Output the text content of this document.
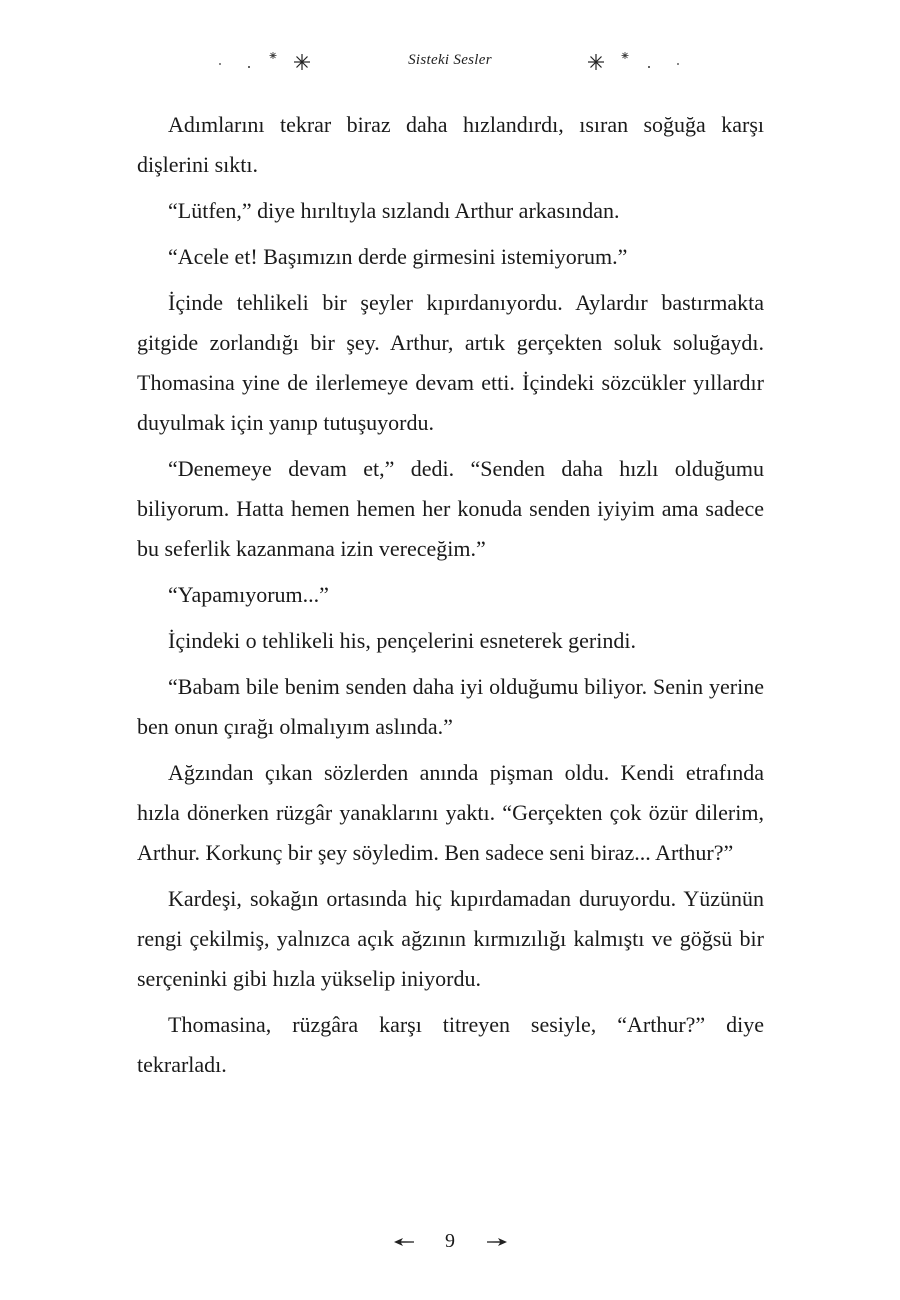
Sisteki Sesler

Adımlarını tekrar biraz daha hızlandırdı, ısıran soğuğa karşı dişlerini sıktı.

“Lütfen,” diye hırıltıyla sızlandı Arthur arkasından.

“Acele et! Başımızın derde girmesini istemiyorum.”

İçinde tehlikeli bir şeyler kıpırdanıyordu. Aylardır bastırmakta gitgide zorlandığı bir şey. Arthur, artık gerçekten soluk soluğaydı. Thomasina yine de ilerlemeye devam etti. İçindeki sözcükler yıllardır duyulmak için yanıp tutuşuyordu.

“Denemeye devam et,” dedi. “Senden daha hızlı olduğumu biliyorum. Hatta hemen hemen her konuda senden iyiyim ama sadece bu seferlik kazanmana izin vereceğim.”

“Yapamıyorum...”

İçindeki o tehlikeli his, pençelerini esneterek gerindi.

“Babam bile benim senden daha iyi olduğumu biliyor. Senin yerine ben onun çırağı olmalıyım aslında.”

Ağzından çıkan sözlerden anında pişman oldu. Kendi etrafında hızla dönerken rüzgâr yanaklarını yaktı. “Gerçekten çok özür dilerim, Arthur. Korkunç bir şey söyledim. Ben sadece seni biraz... Arthur?”

Kardeşi, sokağın ortasında hiç kıpırdamadan duruyordu. Yüzünün rengi çekilmiş, yalnızca açık ağzının kırmızılığı kalmıştı ve göğsü bir serçeninki gibi hızla yükselip iniyordu.

Thomasina, rüzgâra karşı titreyen sesiyle, “Arthur?” diye tekrarladı.

9
